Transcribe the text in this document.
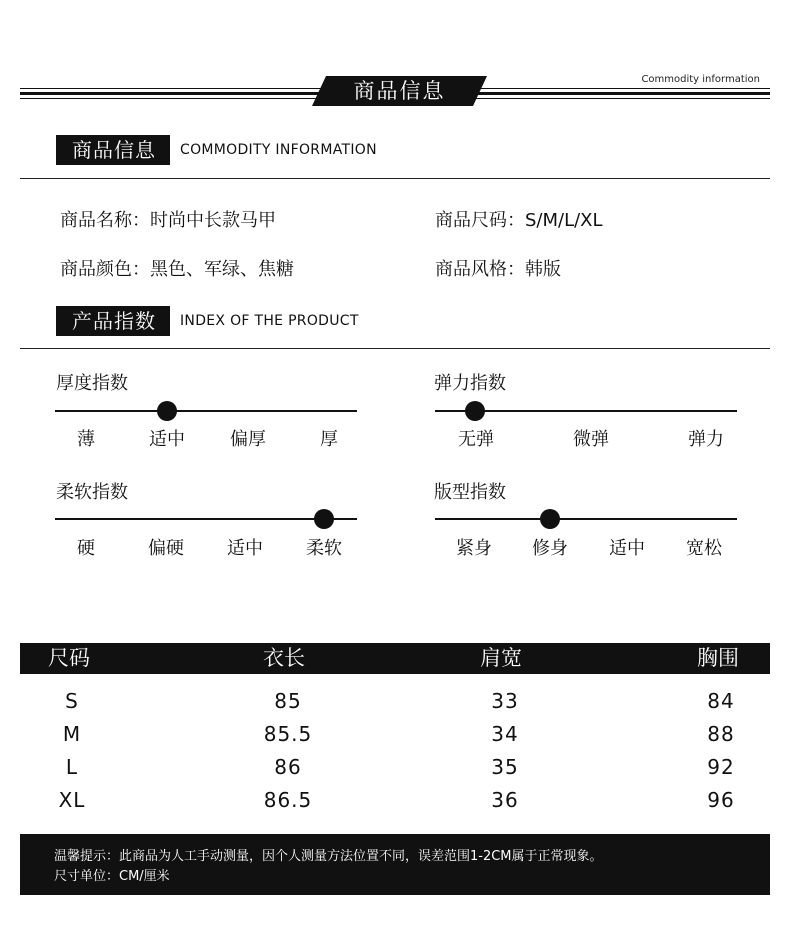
商品信息	Commodity information
商品信息	COMMODITY INFORMATION
商品名称：时尚中长款马甲	商品尺码：S/M/L/XL
商品颜色：黑色、军绿、焦糖	商品风格：韩版
产品指数	INDEX OF THE PRODUCT
厚度指数
薄	适中	偏厚	厚
弹力指数
无弹	微弹	弹力
柔软指数
硬	偏硬 适中 柔软
版型指数
紧身 修身 适中 宽松
尺码	衣长	肩宽	胸围
S	85	33	84
M	85.5	34	88
L	86	35	92
XL	86.5	36	96
温馨提示：此商品为人工手动测量，因个人测量方法位置不同，误差范围1-2CM属于正常现象。
尺寸单位：CM/厘米
